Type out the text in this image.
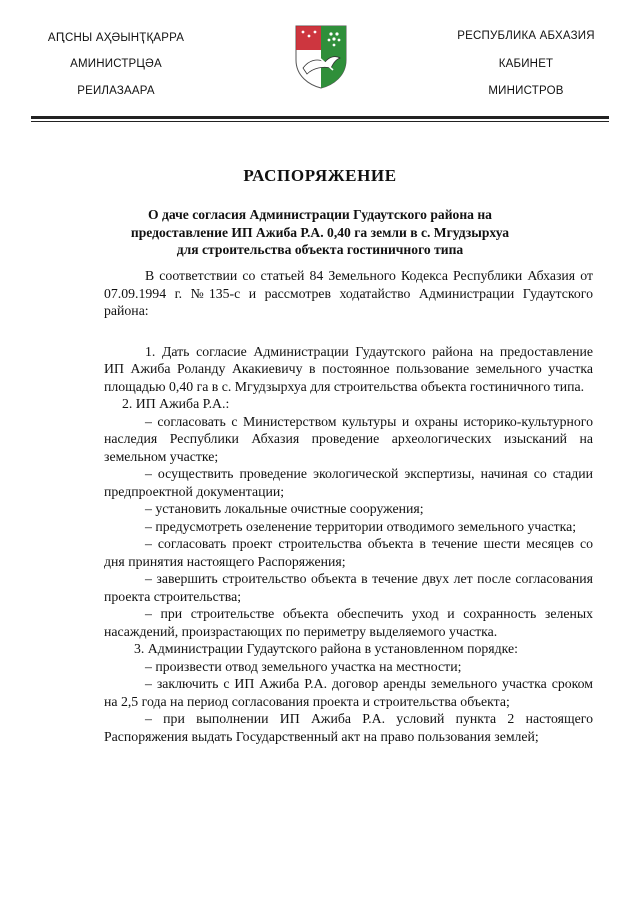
АԤСНЫ АҲӘЫНҬҚАРРА
АМИНИСТРЦӘА
РЕИЛАЗААРА
РЕСПУБЛИКА АБХАЗИЯ
КАБИНЕТ
МИНИСТРОВ
РАСПОРЯЖЕНИЕ
О даче согласия Администрации Гудаутского района на
предоставление ИП Ажиба Р.А. 0,40 га земли в с. Мгудзырхуа
для строительства объекта гостиничного типа

В соответствии со статьей 84 Земельного Кодекса Республики Абхазия от 07.09.1994 г. №135-с и рассмотрев ходатайство Администрации Гудаутского района:

1. Дать согласие Администрации Гудаутского района на предоставление ИП Ажиба Роланду Акакиевичу в постоянное пользование земельного участка площадью 0,40 га в с. Мгудзырхуа для строительства объекта гостиничного типа.

2. ИП Ажиба Р.А.:

– согласовать с Министерством культуры и охраны историко-культурного наследия Республики Абхазия проведение археологических изысканий на земельном участке;

– осуществить проведение экологической экспертизы, начиная со стадии предпроектной документации;

– установить локальные очистные сооружения;

– предусмотреть озеленение территории отводимого земельного участка;

– согласовать проект строительства объекта в течение шести месяцев со дня принятия настоящего Распоряжения;

– завершить строительство объекта в течение двух лет после согласования проекта строительства;

– при строительстве объекта обеспечить уход и сохранность зеленых насаждений, произрастающих по периметру выделяемого участка.

3. Администрации Гудаутского района в установленном порядке:

– произвести отвод земельного участка на местности;

– заключить с ИП Ажиба Р.А. договор аренды земельного участка сроком на 2,5 года на период согласования проекта и строительства объекта;

– при выполнении ИП Ажиба Р.А. условий пункта 2 настоящего Распоряжения выдать Государственный акт на право пользования землей;
